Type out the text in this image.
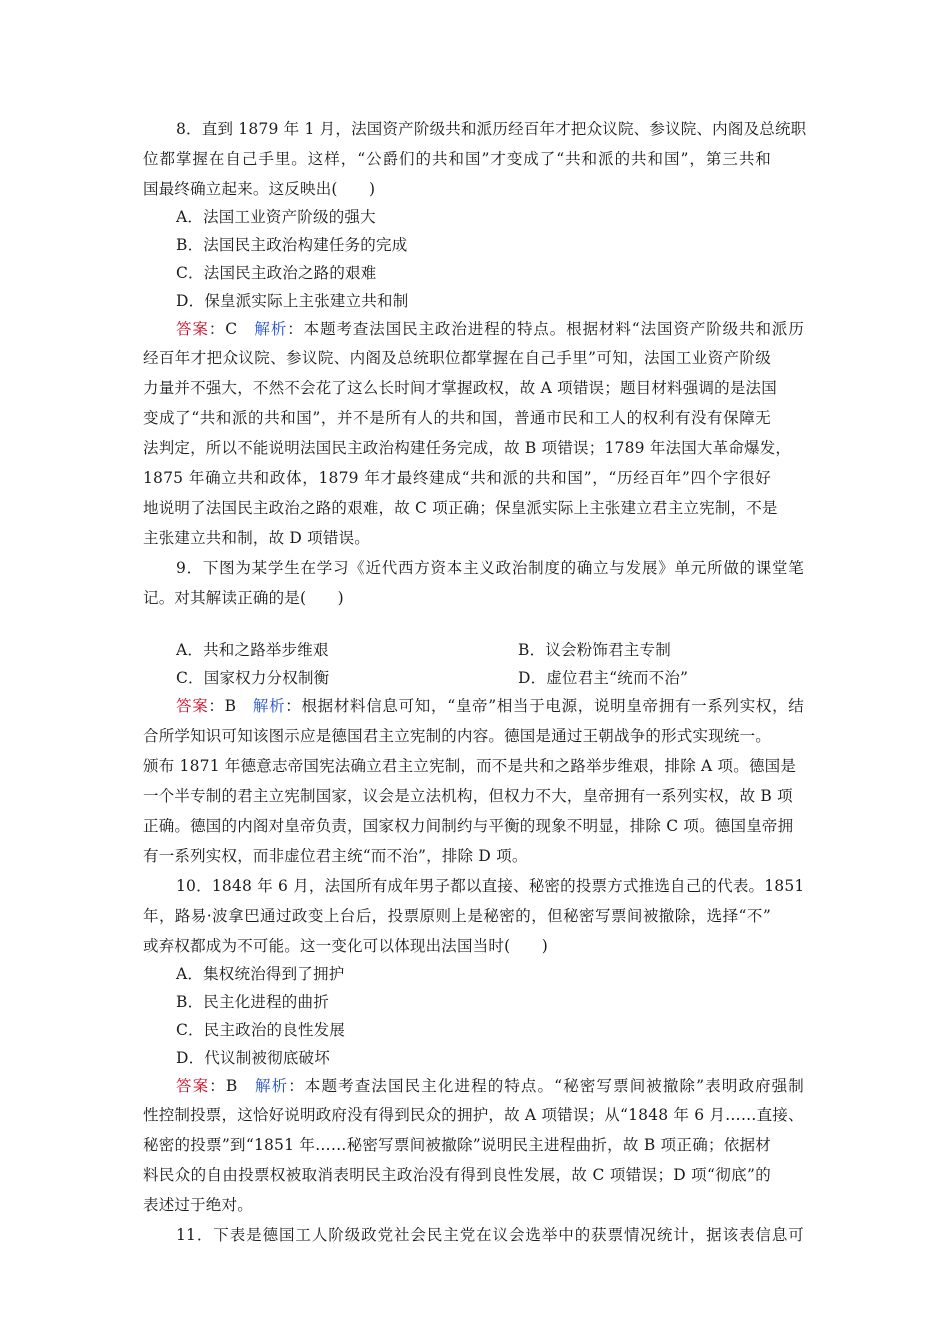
8．直到 1879 年 1 月，法国资产阶级共和派历经百年才把众议院、参议院、内阁及总统职
位都掌握在自己手里。这样，“公爵们的共和国”才变成了“共和派的共和国”，第三共和
国最终确立起来。这反映出(　　)
A．法国工业资产阶级的强大
B．法国民主政治构建任务的完成
C．法国民主政治之路的艰难
D．保皇派实际上主张建立共和制
答案：C　 解析：本题考查法国民主政治进程的特点。根据材料“法国资产阶级共和派历
经百年才把众议院、参议院、内阁及总统职位都掌握在自己手里”可知，法国工业资产阶级
力量并不强大，不然不会花了这么长时间才掌握政权，故 A 项错误；题目材料强调的是法国
变成了“共和派的共和国”，并不是所有人的共和国，普通市民和工人的权利有没有保障无
法判定，所以不能说明法国民主政治构建任务完成，故 B 项错误；1789 年法国大革命爆发，
1875 年确立共和政体，1879 年才最终建成“共和派的共和国”，“历经百年”四个字很好
地说明了法国民主政治之路的艰难，故 C 项正确；保皇派实际上主张建立君主立宪制，不是
主张建立共和制，故 D 项错误。
9．下图为某学生在学习《近代西方资本主义政治制度的确立与发展》单元所做的课堂笔
记。对其解读正确的是(　　)
A．共和之路举步维艰	B．议会粉饰君主专制
C．国家权力分权制衡	D．虚位君主“统而不治”
答案：B　 解析：根据材料信息可知，“皇帝”相当于电源，说明皇帝拥有一系列实权，结
合所学知识可知该图示应是德国君主立宪制的内容。德国是通过王朝战争的形式实现统一。
颁布 1871 年德意志帝国宪法确立君主立宪制，而不是共和之路举步维艰，排除 A 项。德国是
一个半专制的君主立宪制国家，议会是立法机构，但权力不大，皇帝拥有一系列实权，故 B 项
正确。德国的内阁对皇帝负责，国家权力间制约与平衡的现象不明显，排除 C 项。德国皇帝拥
有一系列实权，而非虚位君主统“而不治”，排除 D 项。
10．1848 年 6 月，法国所有成年男子都以直接、秘密的投票方式推选自己的代表。1851
年，路易·波拿巴通过政变上台后，投票原则上是秘密的，但秘密写票间被撤除，选择“不”
或弃权都成为不可能。这一变化可以体现出法国当时(　　)
A．集权统治得到了拥护
B．民主化进程的曲折
C．民主政治的良性发展
D．代议制被彻底破坏
答案：B　 解析：本题考查法国民主化进程的特点。“秘密写票间被撤除”表明政府强制
性控制投票，这恰好说明政府没有得到民众的拥护，故 A 项错误；从“1848 年 6 月……直接、
秘密的投票”到“1851 年……秘密写票间被撤除”说明民主进程曲折，故 B 项正确；依据材
料民众的自由投票权被取消表明民主政治没有得到良性发展，故 C 项错误；D 项“彻底”的
表述过于绝对。
11．下表是德国工人阶级政党社会民主党在议会选举中的获票情况统计，据该表信息可
